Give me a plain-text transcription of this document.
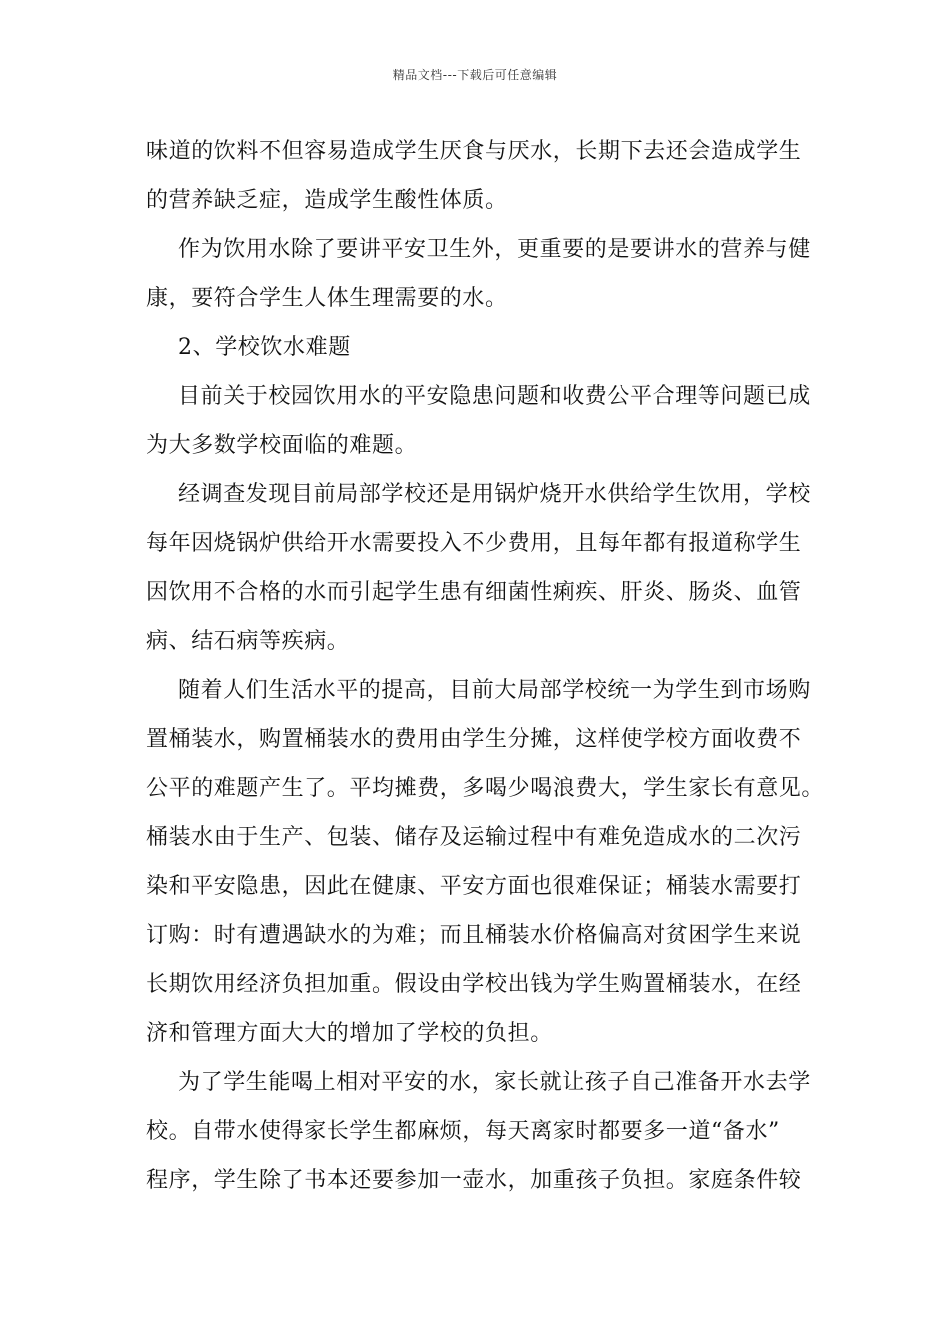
精品文档---下载后可任意编辑
味道的饮料不但容易造成学生厌食与厌水，长期下去还会造成学生
的营养缺乏症，造成学生酸性体质。
作为饮用水除了要讲平安卫生外，更重要的是要讲水的营养与健
康，要符合学生人体生理需要的水。
2、学校饮水难题
目前关于校园饮用水的平安隐患问题和收费公平合理等问题已成
为大多数学校面临的难题。
经调查发现目前局部学校还是用锅炉烧开水供给学生饮用，学校
每年因烧锅炉供给开水需要投入不少费用，且每年都有报道称学生
因饮用不合格的水而引起学生患有细菌性痢疾、肝炎、肠炎、血管
病、结石病等疾病。
随着人们生活水平的提高，目前大局部学校统一为学生到市场购
置桶装水，购置桶装水的费用由学生分摊，这样使学校方面收费不
公平的难题产生了。平均摊费，多喝少喝浪费大，学生家长有意见。
桶装水由于生产、包装、储存及运输过程中有难免造成水的二次污
染和平安隐患，因此在健康、平安方面也很难保证；桶装水需要打
订购：时有遭遇缺水的为难；而且桶装水价格偏高对贫困学生来说
长期饮用经济负担加重。假设由学校出钱为学生购置桶装水，在经
济和管理方面大大的增加了学校的负担。
为了学生能喝上相对平安的水，家长就让孩子自己准备开水去学
校。自带水使得家长学生都麻烦，每天离家时都要多一道“备水”
程序，学生除了书本还要参加一壶水，加重孩子负担。家庭条件较
